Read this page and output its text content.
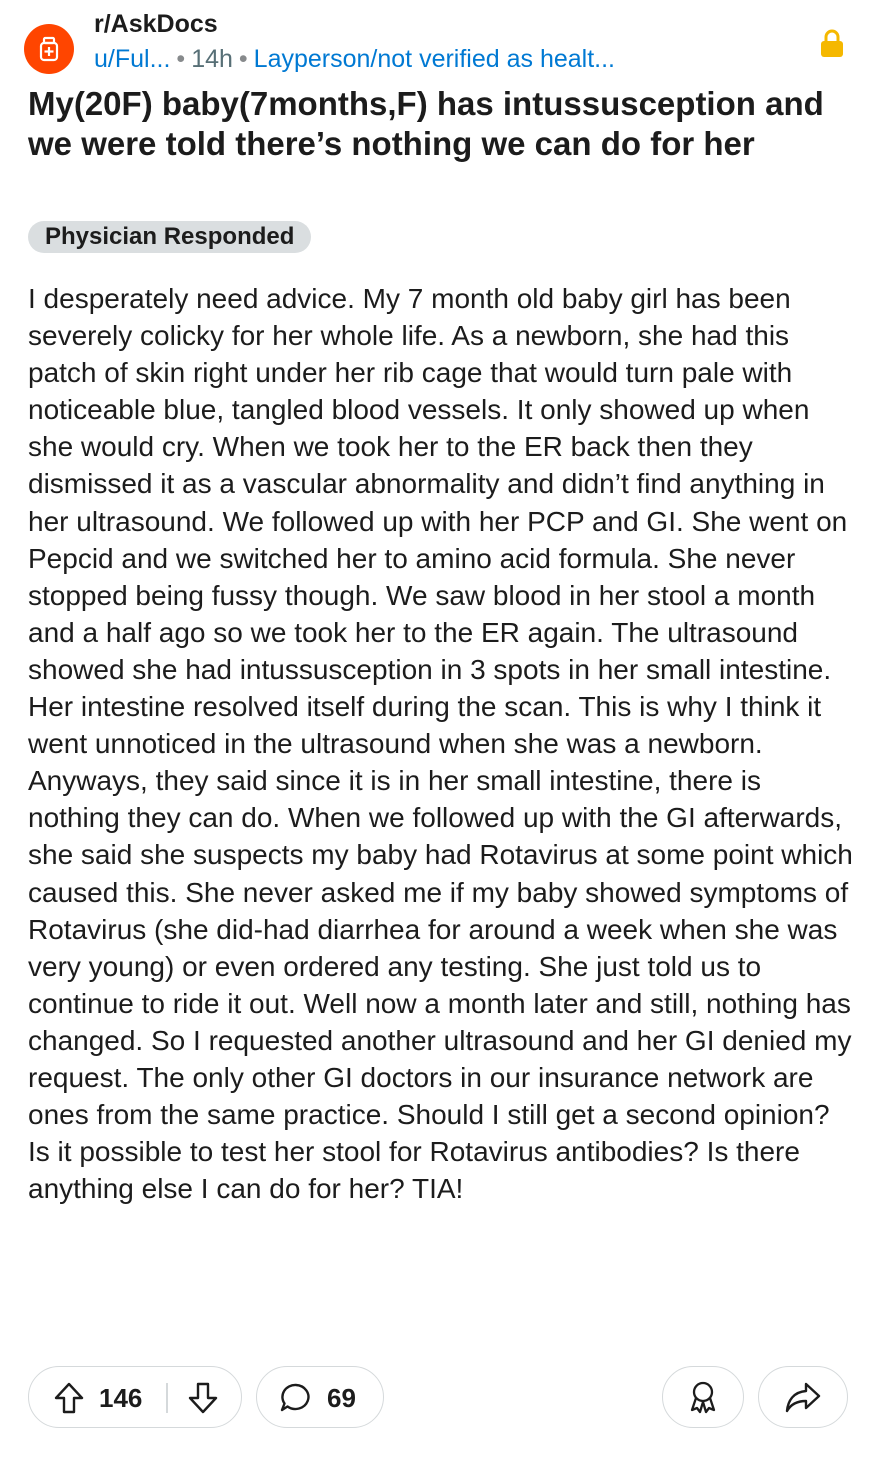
r/AskDocs
u/Ful... • 14h • Layperson/not verified as healt...
My(20F) baby(7months,F) has intussusception and we were told there’s nothing we can do for her
Physician Responded

I desperately need advice. My 7 month old baby girl has been severely colicky for her whole life. As a newborn, she had this patch of skin right under her rib cage that would turn pale with noticeable blue, tangled blood vessels. It only showed up when she would cry. When we took her to the ER back then they dismissed it as a vascular abnormality and didn’t find anything in her ultrasound. We followed up with her PCP and GI. She went on Pepcid and we switched her to amino acid formula. She never stopped being fussy though. We saw blood in her stool a month and a half ago so we took her to the ER again. The ultrasound showed she had intussusception in 3 spots in her small intestine. Her intestine resolved itself during the scan. This is why I think it went unnoticed in the ultrasound when she was a newborn. Anyways, they said since it is in her small intestine, there is nothing they can do. When we followed up with the GI afterwards, she said she suspects my baby had Rotavirus at some point which caused this. She never asked me if my baby showed symptoms of Rotavirus (she did-had diarrhea for around a week when she was very young) or even ordered any testing. She just told us to continue to ride it out. Well now a month later and still, nothing has changed. So I requested another ultrasound and her GI denied my request. The only other GI doctors in our insurance network are ones from the same practice. Should I still get a second opinion? Is it possible to test her stool for Rotavirus antibodies? Is there anything else I can do for her? TIA!

146	69
